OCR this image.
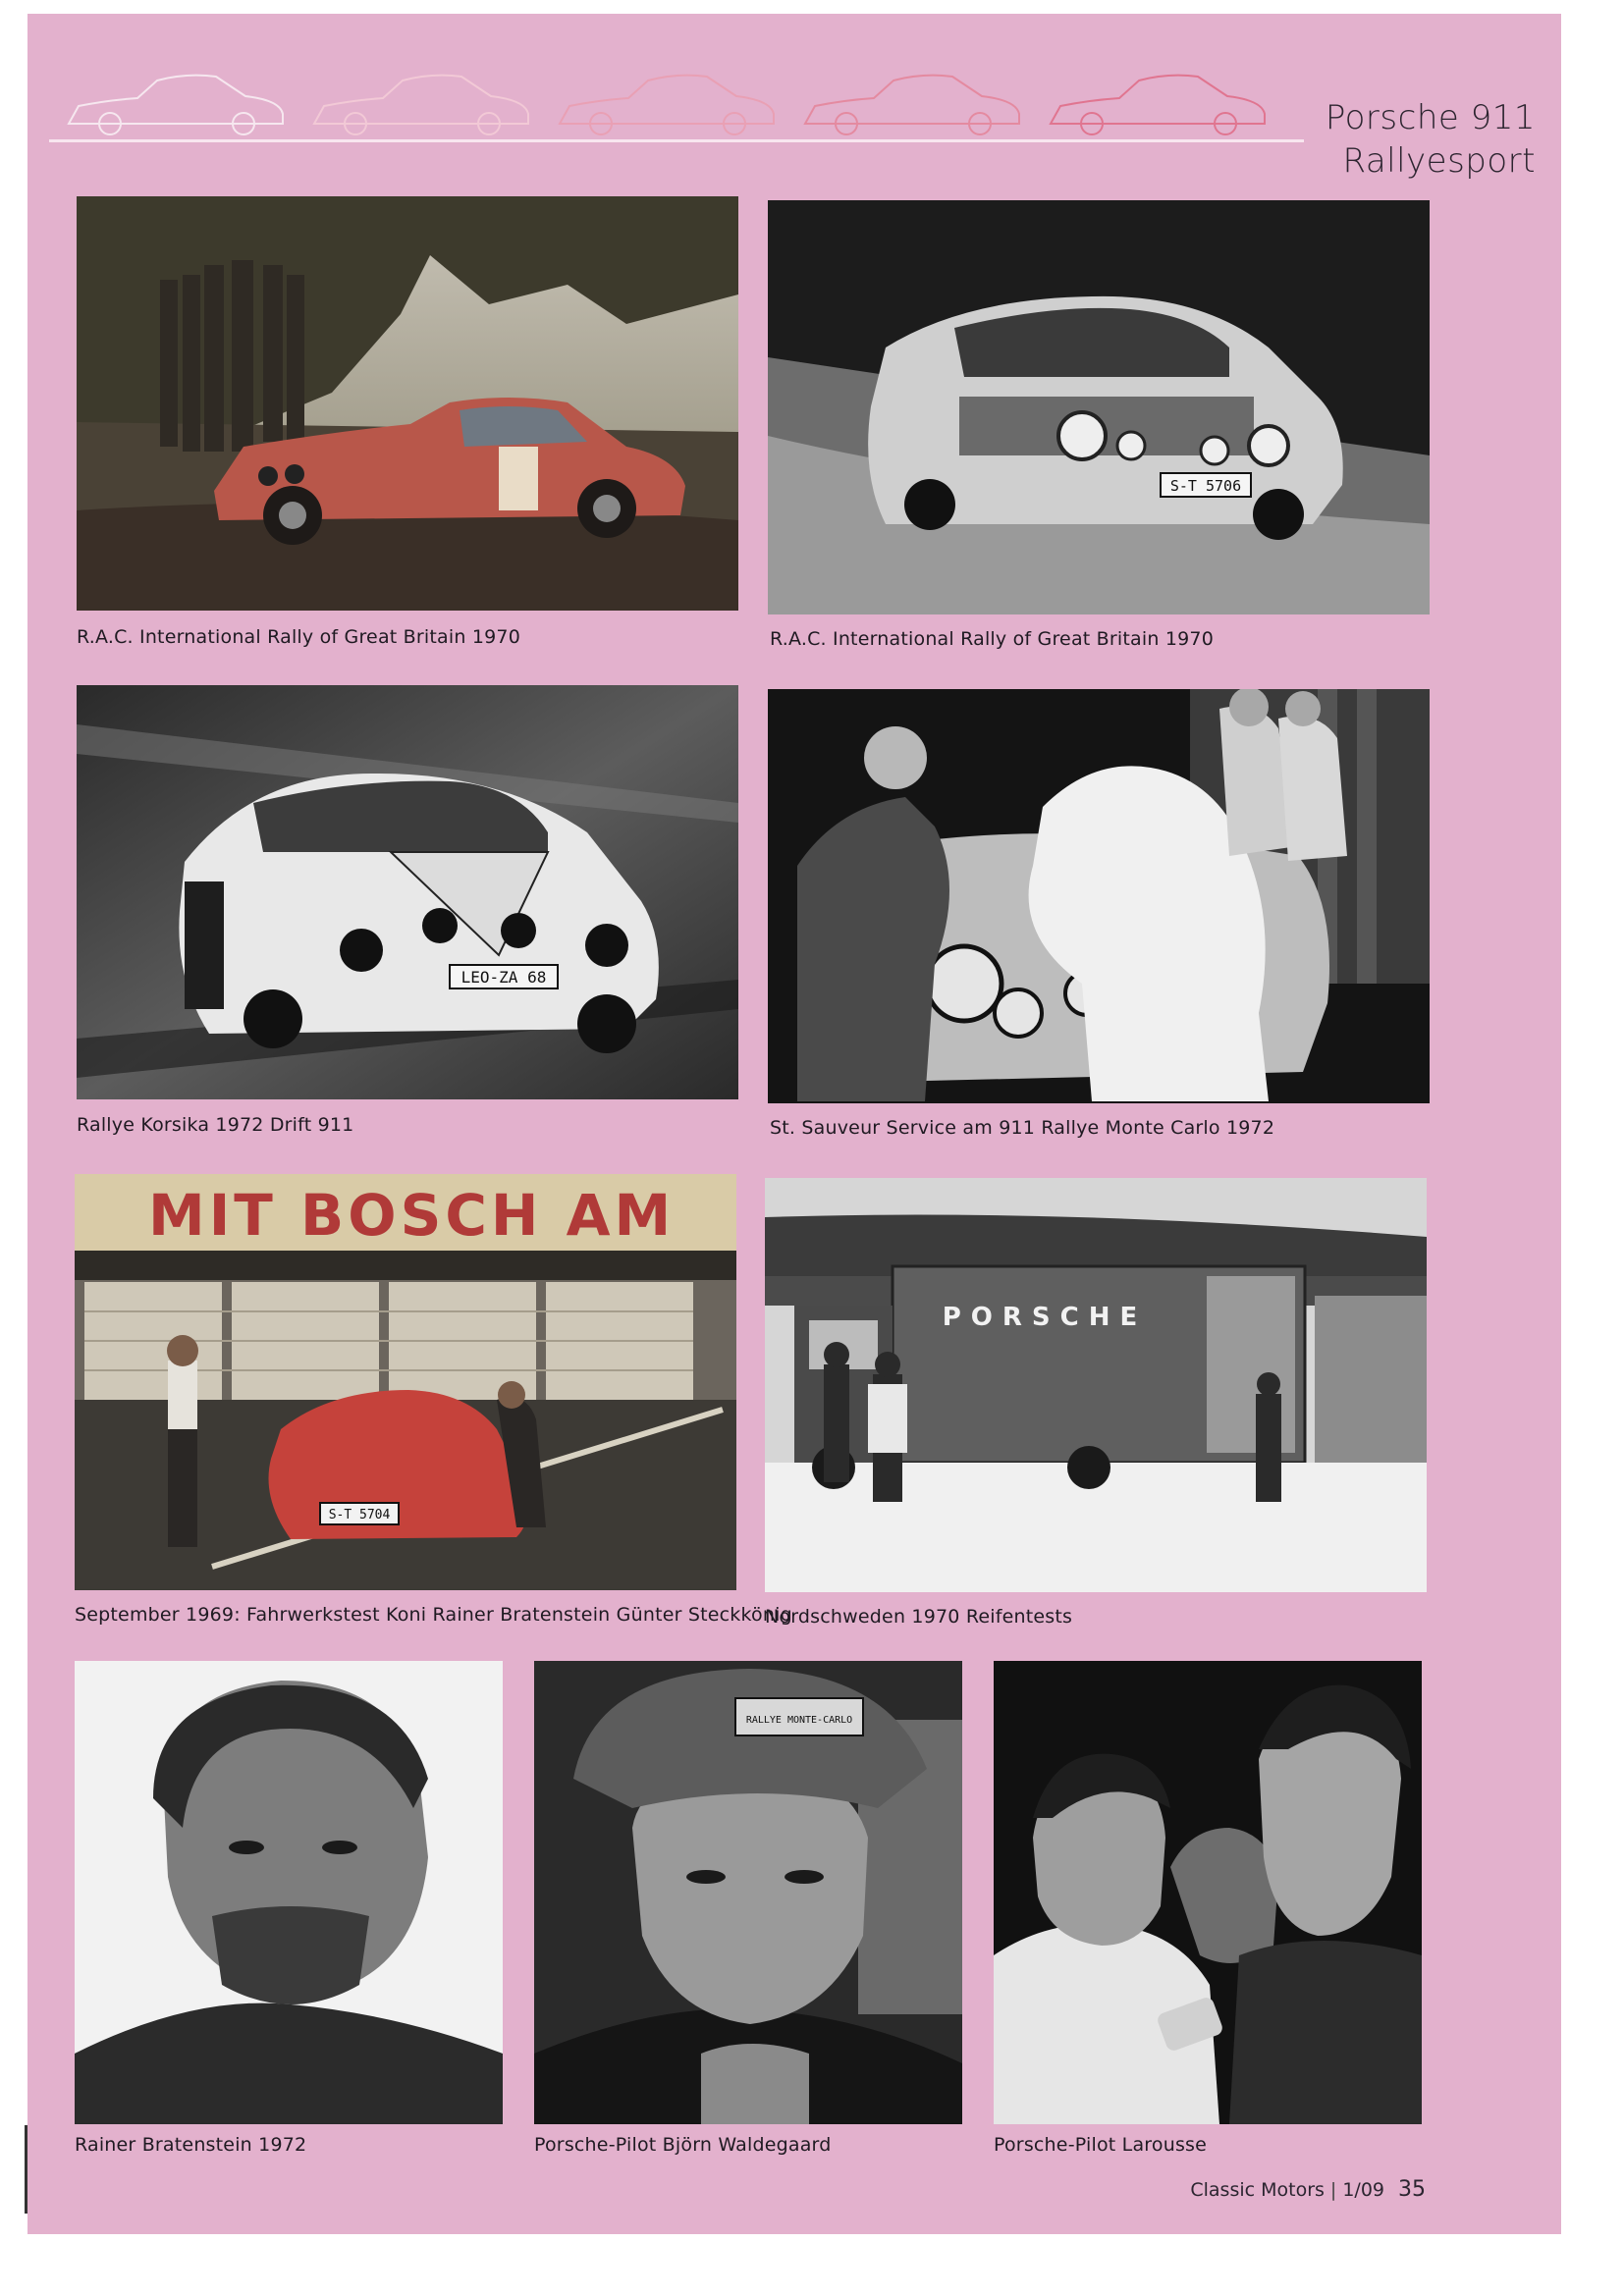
Porsche 911
Rallyesport
R.A.C. International Rally of Great Britain 1970
S-T 5706
R.A.C. International Rally of Great Britain 1970
LEO-ZA 68
Rallye Korsika 1972 Drift 911	St. Sauveur Service am 911 Rallye Monte Carlo 1972
MIT BOSCH AM
S-T 5704
September 1969: Fahrwerkstest Koni Rainer Bratenstein Günter Steckkönig
PORSCHE
Nordschweden 1970 Reifentests
Rainer Bratenstein 1972
RALLYE MONTE-CARLO
Porsche-Pilot Björn Waldegaard	Porsche-Pilot Larousse
Classic Motors | 1/09 35
